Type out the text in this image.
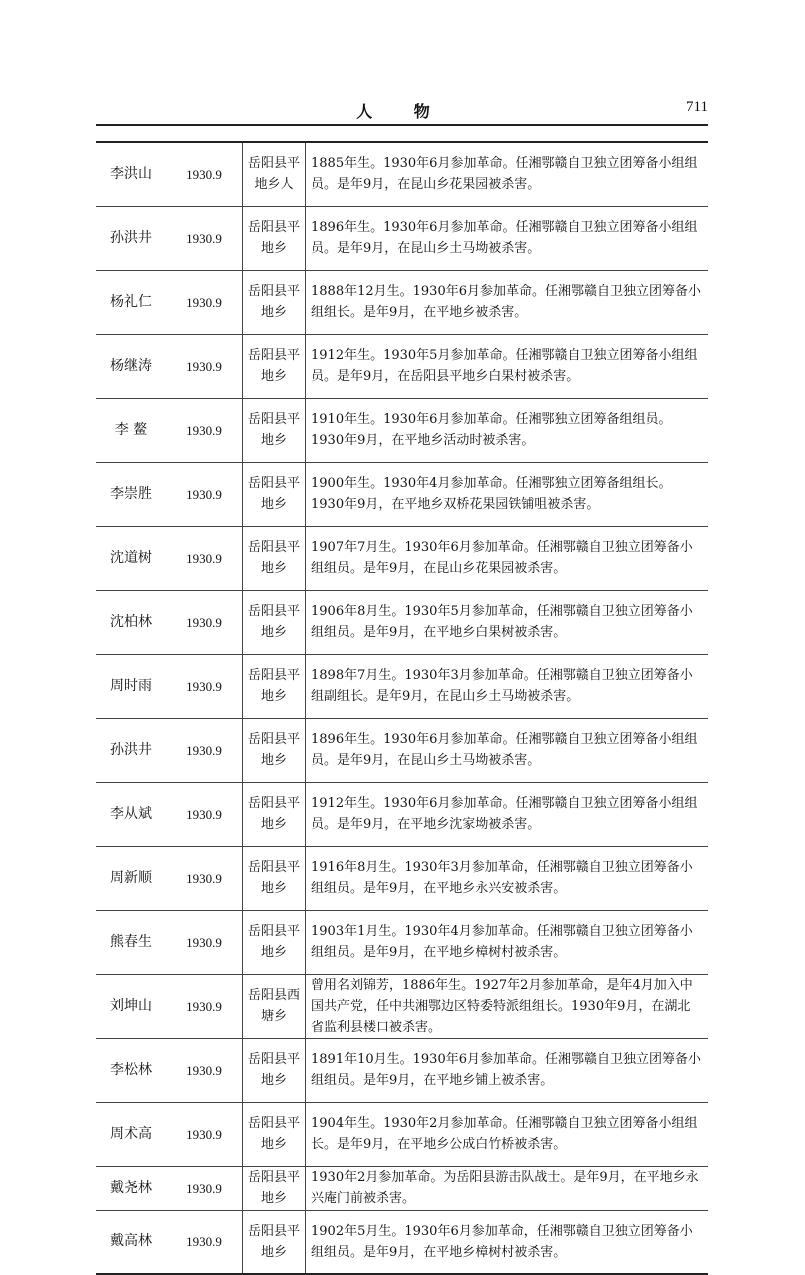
人 物	711
李洪山	1930.9	岳阳县平地乡人	1885年生。1930年6月参加革命。任湘鄂赣自卫独立团筹备小组组员。是年9月，在昆山乡花果园被杀害。
孙洪井	1930.9	岳阳县平地乡	1896年生。1930年6月参加革命。任湘鄂赣自卫独立团筹备小组组员。是年9月，在昆山乡土马坳被杀害。
杨礼仁	1930.9	岳阳县平地乡	1888年12月生。1930年6月参加革命。任湘鄂赣自卫独立团筹备小组组长。是年9月，在平地乡被杀害。
杨继涛	1930.9	岳阳县平地乡	1912年生。1930年5月参加革命。任湘鄂赣自卫独立团筹备小组组员。是年9月，在岳阳县平地乡白果村被杀害。
李 鳌	1930.9	岳阳县平地乡	1910年生。1930年6月参加革命。任湘鄂独立团筹备组组员。1930年9月，在平地乡活动时被杀害。
李崇胜	1930.9	岳阳县平地乡	1900年生。1930年4月参加革命。任湘鄂独立团筹备组组长。1930年9月，在平地乡双桥花果园铁铺咀被杀害。
沈道树	1930.9	岳阳县平地乡	1907年7月生。1930年6月参加革命。任湘鄂赣自卫独立团筹备小组组员。是年9月，在昆山乡花果园被杀害。
沈柏林	1930.9	岳阳县平地乡	1906年8月生。1930年5月参加革命，任湘鄂赣自卫独立团筹备小组组员。是年9月，在平地乡白果树被杀害。
周时雨	1930.9	岳阳县平地乡	1898年7月生。1930年3月参加革命。任湘鄂赣自卫独立团筹备小组副组长。是年9月，在昆山乡土马坳被杀害。
孙洪井	1930.9	岳阳县平地乡	1896年生。1930年6月参加革命。任湘鄂赣自卫独立团筹备小组组员。是年9月，在昆山乡土马坳被杀害。
李从斌	1930.9	岳阳县平地乡	1912年生。1930年6月参加革命。任湘鄂赣自卫独立团筹备小组组员。是年9月，在平地乡沈家坳被杀害。
周新顺	1930.9	岳阳县平地乡	1916年8月生。1930年3月参加革命，任湘鄂赣自卫独立团筹备小组组员。是年9月，在平地乡永兴安被杀害。
熊春生	1930.9	岳阳县平地乡	1903年1月生。1930年4月参加革命。任湘鄂赣自卫独立团筹备小组组员。是年9月，在平地乡樟树村被杀害。
刘坤山	1930.9	岳阳县西塘乡	曾用名刘锦芳，1886年生。1927年2月参加革命，是年4月加入中国共产党，任中共湘鄂边区特委特派组组长。1930年9月，在湖北省监利县楼口被杀害。
李松林	1930.9	岳阳县平地乡	1891年10月生。1930年6月参加革命。任湘鄂赣自卫独立团筹备小组组员。是年9月，在平地乡铺上被杀害。
周术高	1930.9	岳阳县平地乡	1904年生。1930年2月参加革命。任湘鄂赣自卫独立团筹备小组组长。是年9月，在平地乡公成白竹桥被杀害。
戴尧林	1930.9	岳阳县平地乡	1930年2月参加革命。为岳阳县游击队战士。是年9月，在平地乡永兴庵门前被杀害。
戴高林	1930.9	岳阳县平地乡	1902年5月生。1930年6月参加革命，任湘鄂赣自卫独立团筹备小组组员。是年9月，在平地乡樟树村被杀害。
